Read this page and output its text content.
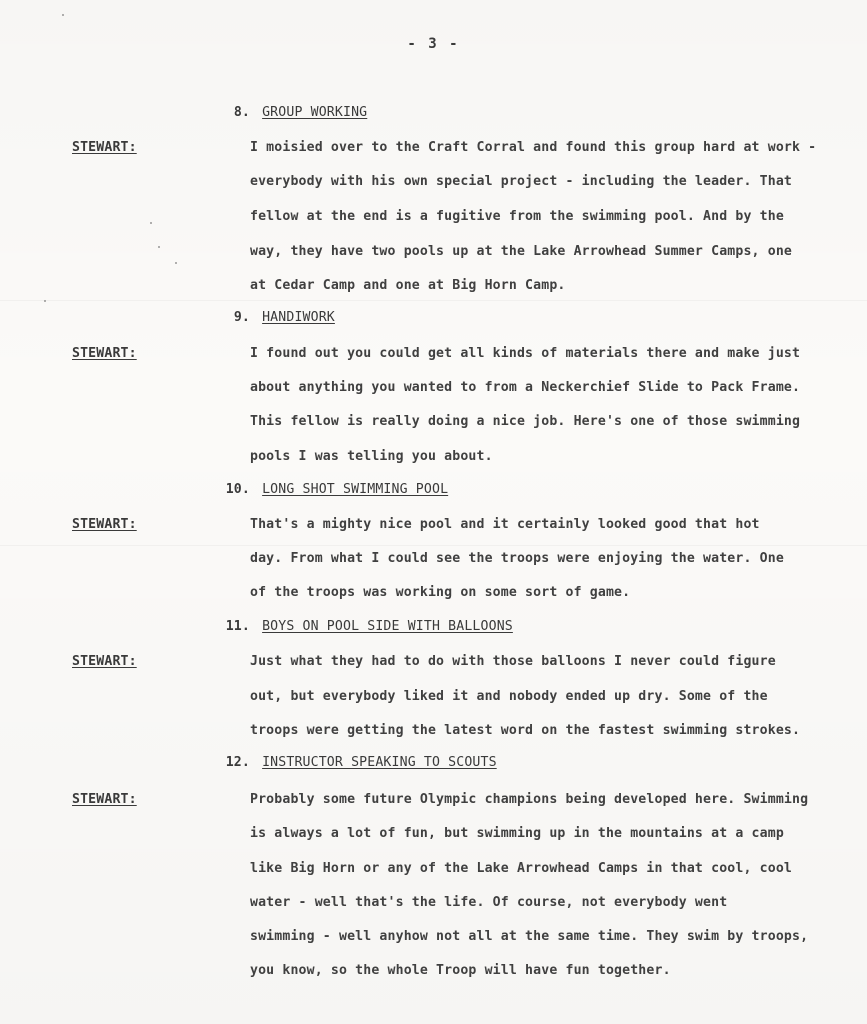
- 3 -
8. GROUP WORKING
STEWART:	I moisied over to the Craft Corral and found this group hard at work -
everybody with his own special project - including the leader. That
fellow at the end is a fugitive from the swimming pool. And by the
way, they have two pools up at the Lake Arrowhead Summer Camps, one
at Cedar Camp and one at Big Horn Camp.
9. HANDIWORK
STEWART:	I found out you could get all kinds of materials there and make just
about anything you wanted to from a Neckerchief Slide to Pack Frame.
This fellow is really doing a nice job. Here's one of those swimming
pools I was telling you about.
10. LONG SHOT SWIMMING POOL
STEWART:	That's a mighty nice pool and it certainly looked good that hot
day. From what I could see the troops were enjoying the water. One
of the troops was working on some sort of game.
11. BOYS ON POOL SIDE WITH BALLOONS
STEWART:	Just what they had to do with those balloons I never could figure
out, but everybody liked it and nobody ended up dry. Some of the
troops were getting the latest word on the fastest swimming strokes.
12. INSTRUCTOR SPEAKING TO SCOUTS
STEWART:	Probably some future Olympic champions being developed here. Swimming
is always a lot of fun, but swimming up in the mountains at a camp
like Big Horn or any of the Lake Arrowhead Camps in that cool, cool
water - well that's the life. Of course, not everybody went
swimming - well anyhow not all at the same time. They swim by troops,
you know, so the whole Troop will have fun together.
